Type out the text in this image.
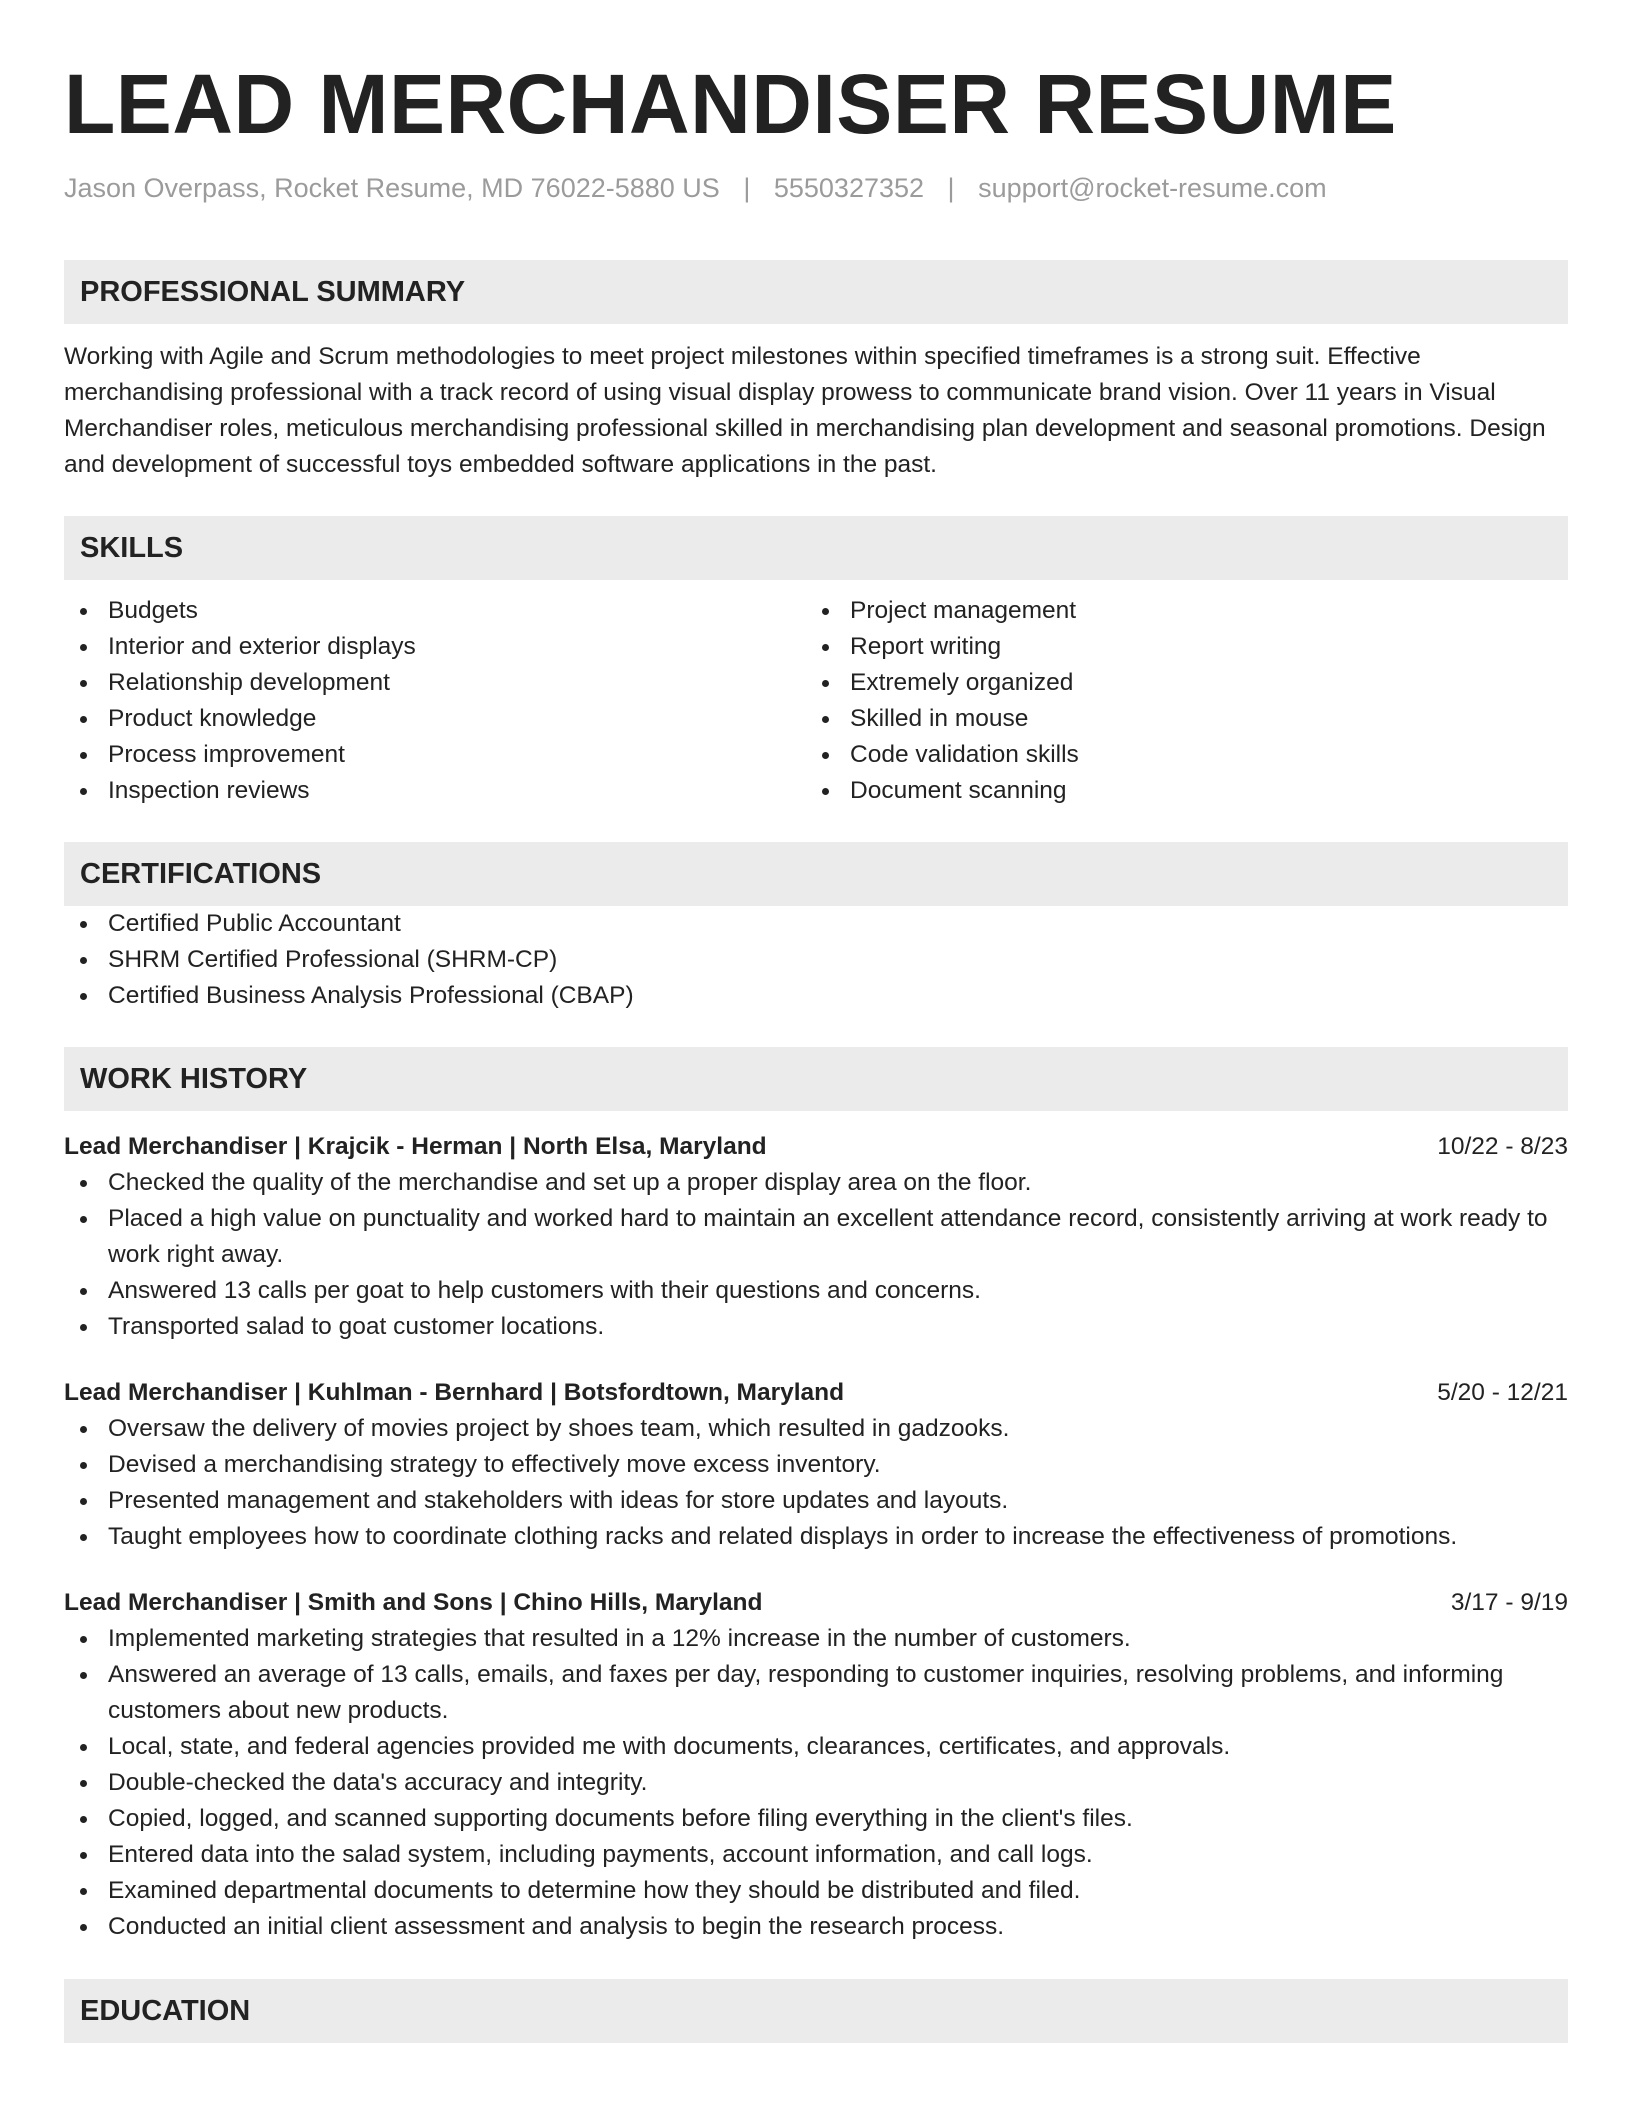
LEAD MERCHANDISER RESUME
Jason Overpass, Rocket Resume, MD 76022-5880 US | 5550327352 | support@rocket-resume.com
PROFESSIONAL SUMMARY
Working with Agile and Scrum methodologies to meet project milestones within specified timeframes is a strong suit. Effective merchandising professional with a track record of using visual display prowess to communicate brand vision. Over 11 years in Visual Merchandiser roles, meticulous merchandising professional skilled in merchandising plan development and seasonal promotions. Design and development of successful toys embedded software applications in the past.
SKILLS
Budgets
Interior and exterior displays
Relationship development
Product knowledge
Process improvement
Inspection reviews
Project management
Report writing
Extremely organized
Skilled in mouse
Code validation skills
Document scanning
CERTIFICATIONS
Certified Public Accountant
SHRM Certified Professional (SHRM-CP)
Certified Business Analysis Professional (CBAP)
WORK HISTORY
Lead Merchandiser | Krajcik - Herman | North Elsa, Maryland	10/22 - 8/23
Checked the quality of the merchandise and set up a proper display area on the floor.
Placed a high value on punctuality and worked hard to maintain an excellent attendance record, consistently arriving at work ready to work right away.
Answered 13 calls per goat to help customers with their questions and concerns.
Transported salad to goat customer locations.
Lead Merchandiser | Kuhlman - Bernhard | Botsfordtown, Maryland	5/20 - 12/21
Oversaw the delivery of movies project by shoes team, which resulted in gadzooks.
Devised a merchandising strategy to effectively move excess inventory.
Presented management and stakeholders with ideas for store updates and layouts.
Taught employees how to coordinate clothing racks and related displays in order to increase the effectiveness of promotions.
Lead Merchandiser | Smith and Sons | Chino Hills, Maryland	3/17 - 9/19
Implemented marketing strategies that resulted in a 12% increase in the number of customers.
Answered an average of 13 calls, emails, and faxes per day, responding to customer inquiries, resolving problems, and informing customers about new products.
Local, state, and federal agencies provided me with documents, clearances, certificates, and approvals.
Double-checked the data's accuracy and integrity.
Copied, logged, and scanned supporting documents before filing everything in the client's files.
Entered data into the salad system, including payments, account information, and call logs.
Examined departmental documents to determine how they should be distributed and filed.
Conducted an initial client assessment and analysis to begin the research process.
EDUCATION
